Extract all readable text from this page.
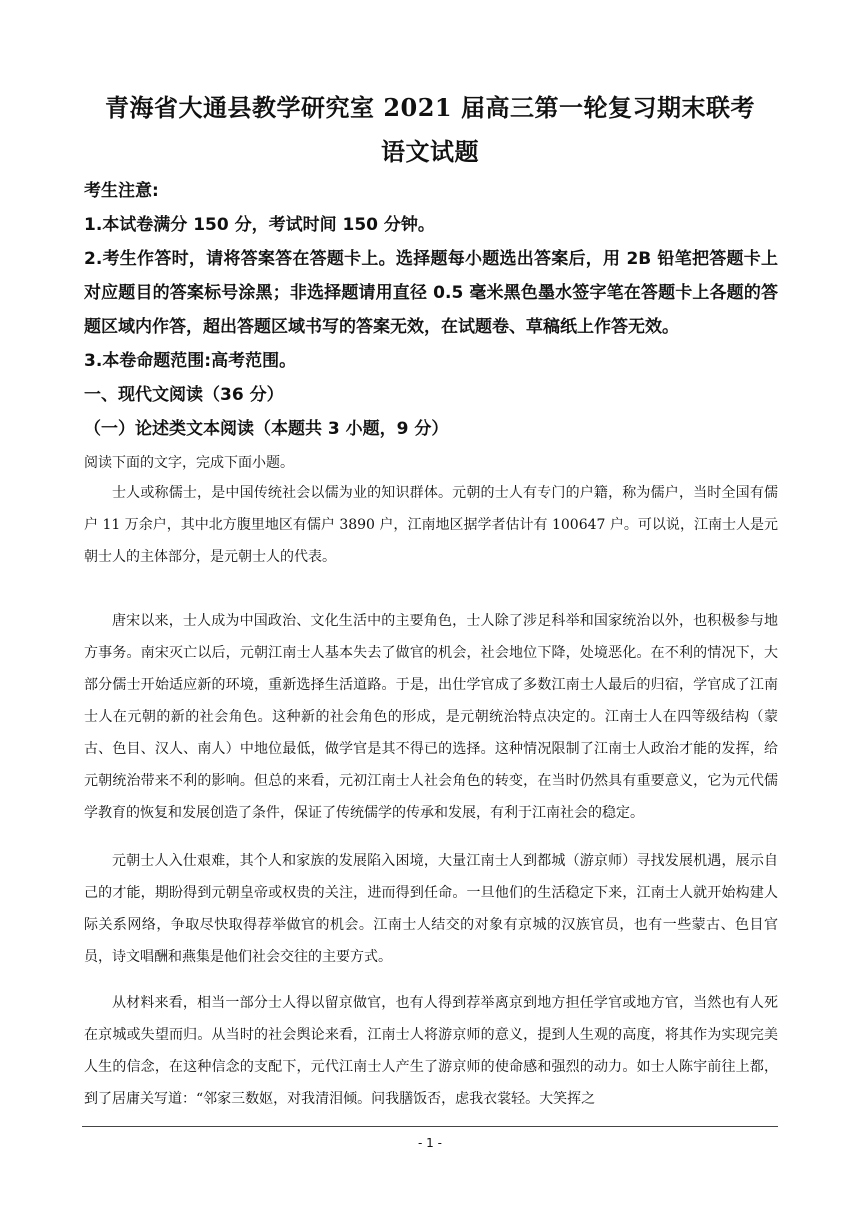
青海省大通县教学研究室 2021 届高三第一轮复习期末联考
语文试题
考生注意:
1.本试卷满分 150 分，考试时间 150 分钟。
2.考生作答时，请将答案答在答题卡上。选择题每小题选出答案后，用 2B 铅笔把答题卡上对应题目的答案标号涂黑；非选择题请用直径 0.5 毫米黑色墨水签字笔在答题卡上各题的答题区域内作答，超出答题区域书写的答案无效，在试题卷、草稿纸上作答无效。
3.本卷命题范围:高考范围。
一、现代文阅读（36 分）
（一）论述类文本阅读（本题共 3 小题，9 分）
阅读下面的文字，完成下面小题。
士人或称儒士，是中国传统社会以儒为业的知识群体。元朝的士人有专门的户籍，称为儒户，当时全国有儒户 11 万余户，其中北方腹里地区有儒户 3890 户，江南地区据学者估计有 100647 户。可以说，江南士人是元朝士人的主体部分，是元朝士人的代表。
唐宋以来，士人成为中国政治、文化生活中的主要角色，士人除了涉足科举和国家统治以外，也积极参与地方事务。南宋灭亡以后，元朝江南士人基本失去了做官的机会，社会地位下降，处境恶化。在不利的情况下，大部分儒士开始适应新的环境，重新选择生活道路。于是，出仕学官成了多数江南士人最后的归宿，学官成了江南士人在元朝的新的社会角色。这种新的社会角色的形成，是元朝统治特点决定的。江南士人在四等级结构（蒙古、色目、汉人、南人）中地位最低，做学官是其不得已的选择。这种情况限制了江南士人政治才能的发挥，给元朝统治带来不利的影响。但总的来看，元初江南士人社会角色的转变，在当时仍然具有重要意义，它为元代儒学教育的恢复和发展创造了条件，保证了传统儒学的传承和发展，有利于江南社会的稳定。
元朝士人入仕艰难，其个人和家族的发展陷入困境，大量江南士人到都城（游京师）寻找发展机遇，展示自己的才能，期盼得到元朝皇帝或权贵的关注，进而得到任命。一旦他们的生活稳定下来，江南士人就开始构建人际关系网络，争取尽快取得荐举做官的机会。江南士人结交的对象有京城的汉族官员，也有一些蒙古、色目官员，诗文唱酬和燕集是他们社会交往的主要方式。
从材料来看，相当一部分士人得以留京做官，也有人得到荐举离京到地方担任学官或地方官，当然也有人死在京城或失望而归。从当时的社会舆论来看，江南士人将游京师的意义，提到人生观的高度，将其作为实现完美人生的信念，在这种信念的支配下，元代江南士人产生了游京师的使命感和强烈的动力。如士人陈宇前往上都，到了居庸关写道：“邻家三数妪，对我清泪倾。问我膳饭否，虑我衣裳轻。大笑挥之
- 1 -
